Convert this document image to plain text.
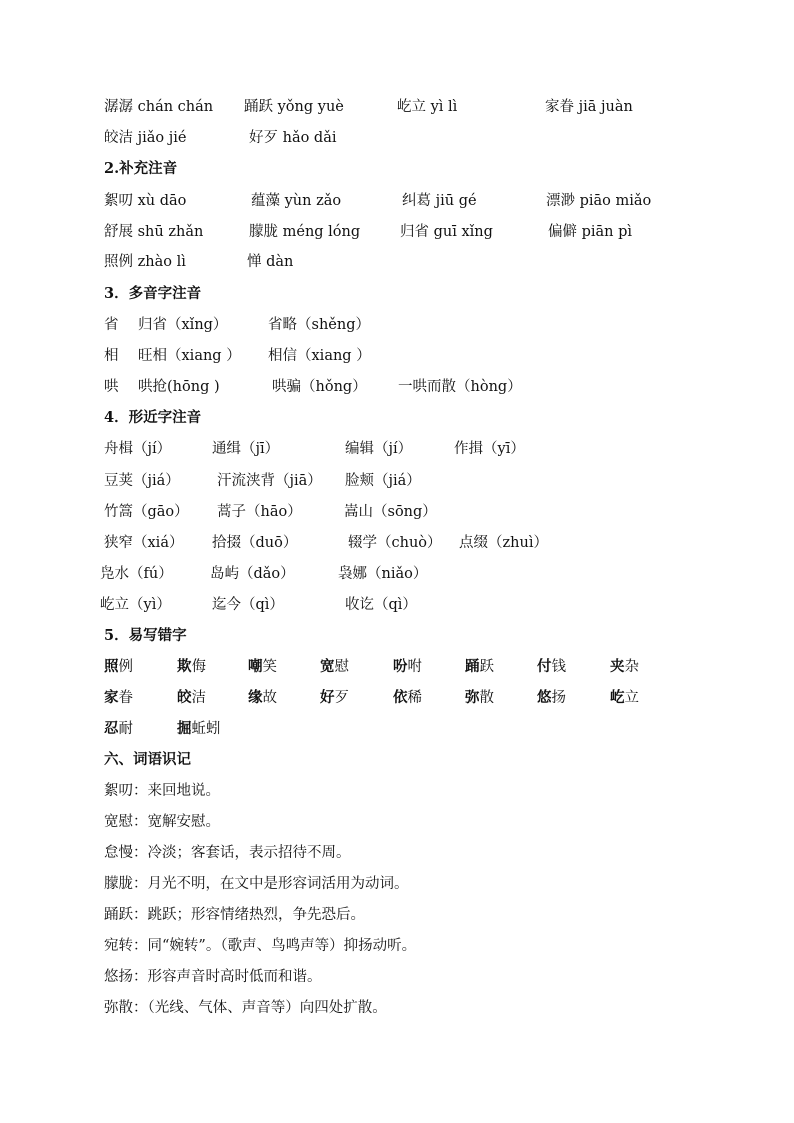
潺潺 chán chán 踊跃 yǒng yuè	屹立 yì lì	家眷 jiā juàn
皎洁 jiǎo jié	好歹 hǎo dǎi
2.补充注音
絮叨 xù dāo	蕴藻 yùn zǎo	纠葛 jiū gé	漂渺 piāo miǎo
舒展 shū zhǎn	朦胧 méng lóng	归省 guī xǐng	偏僻 piān pì
照例 zhào lì	惮 dàn
3．多音字注音
省 归省（xǐng）	省略（shěng）
相 旺相（xiang ） 相信（xiang ）
哄 哄抢(hōng )	哄骗（hǒng） 一哄而散（hòng）
4．形近字注音
舟楫（jí）	通缉（jī）	编辑（jí）	作揖（yī）
豆荚（jiá）	汗流浃背（jiā） 脸颊（jiá）
竹篙（gāo） 蒿子（hāo）	嵩山（sōng）
狭窄（xiá） 拾掇（duō）	辍学（chuò） 点缀（zhuì）
凫水（fú）	岛屿（dǎo）	袅娜（niǎo）
屹立（yì）	迄今（qì）	收讫（qì）
5．易写错字
照例	欺侮	嘲笑	宽慰	吩咐	踊跃	付钱	夹杂
家眷	皎洁	缘故	好歹	依稀	弥散	悠扬	屹立
忍耐	掘蚯蚓
六、词语识记
絮叨：来回地说。
宽慰：宽解安慰。
怠慢：冷淡；客套话，表示招待不周。
朦胧：月光不明，在文中是形容词活用为动词。
踊跃：跳跃；形容情绪热烈，争先恐后。
宛转：同“婉转”。（歌声、鸟鸣声等）抑扬动听。
悠扬：形容声音时高时低而和谐。
弥散：（光线、气体、声音等）向四处扩散。
